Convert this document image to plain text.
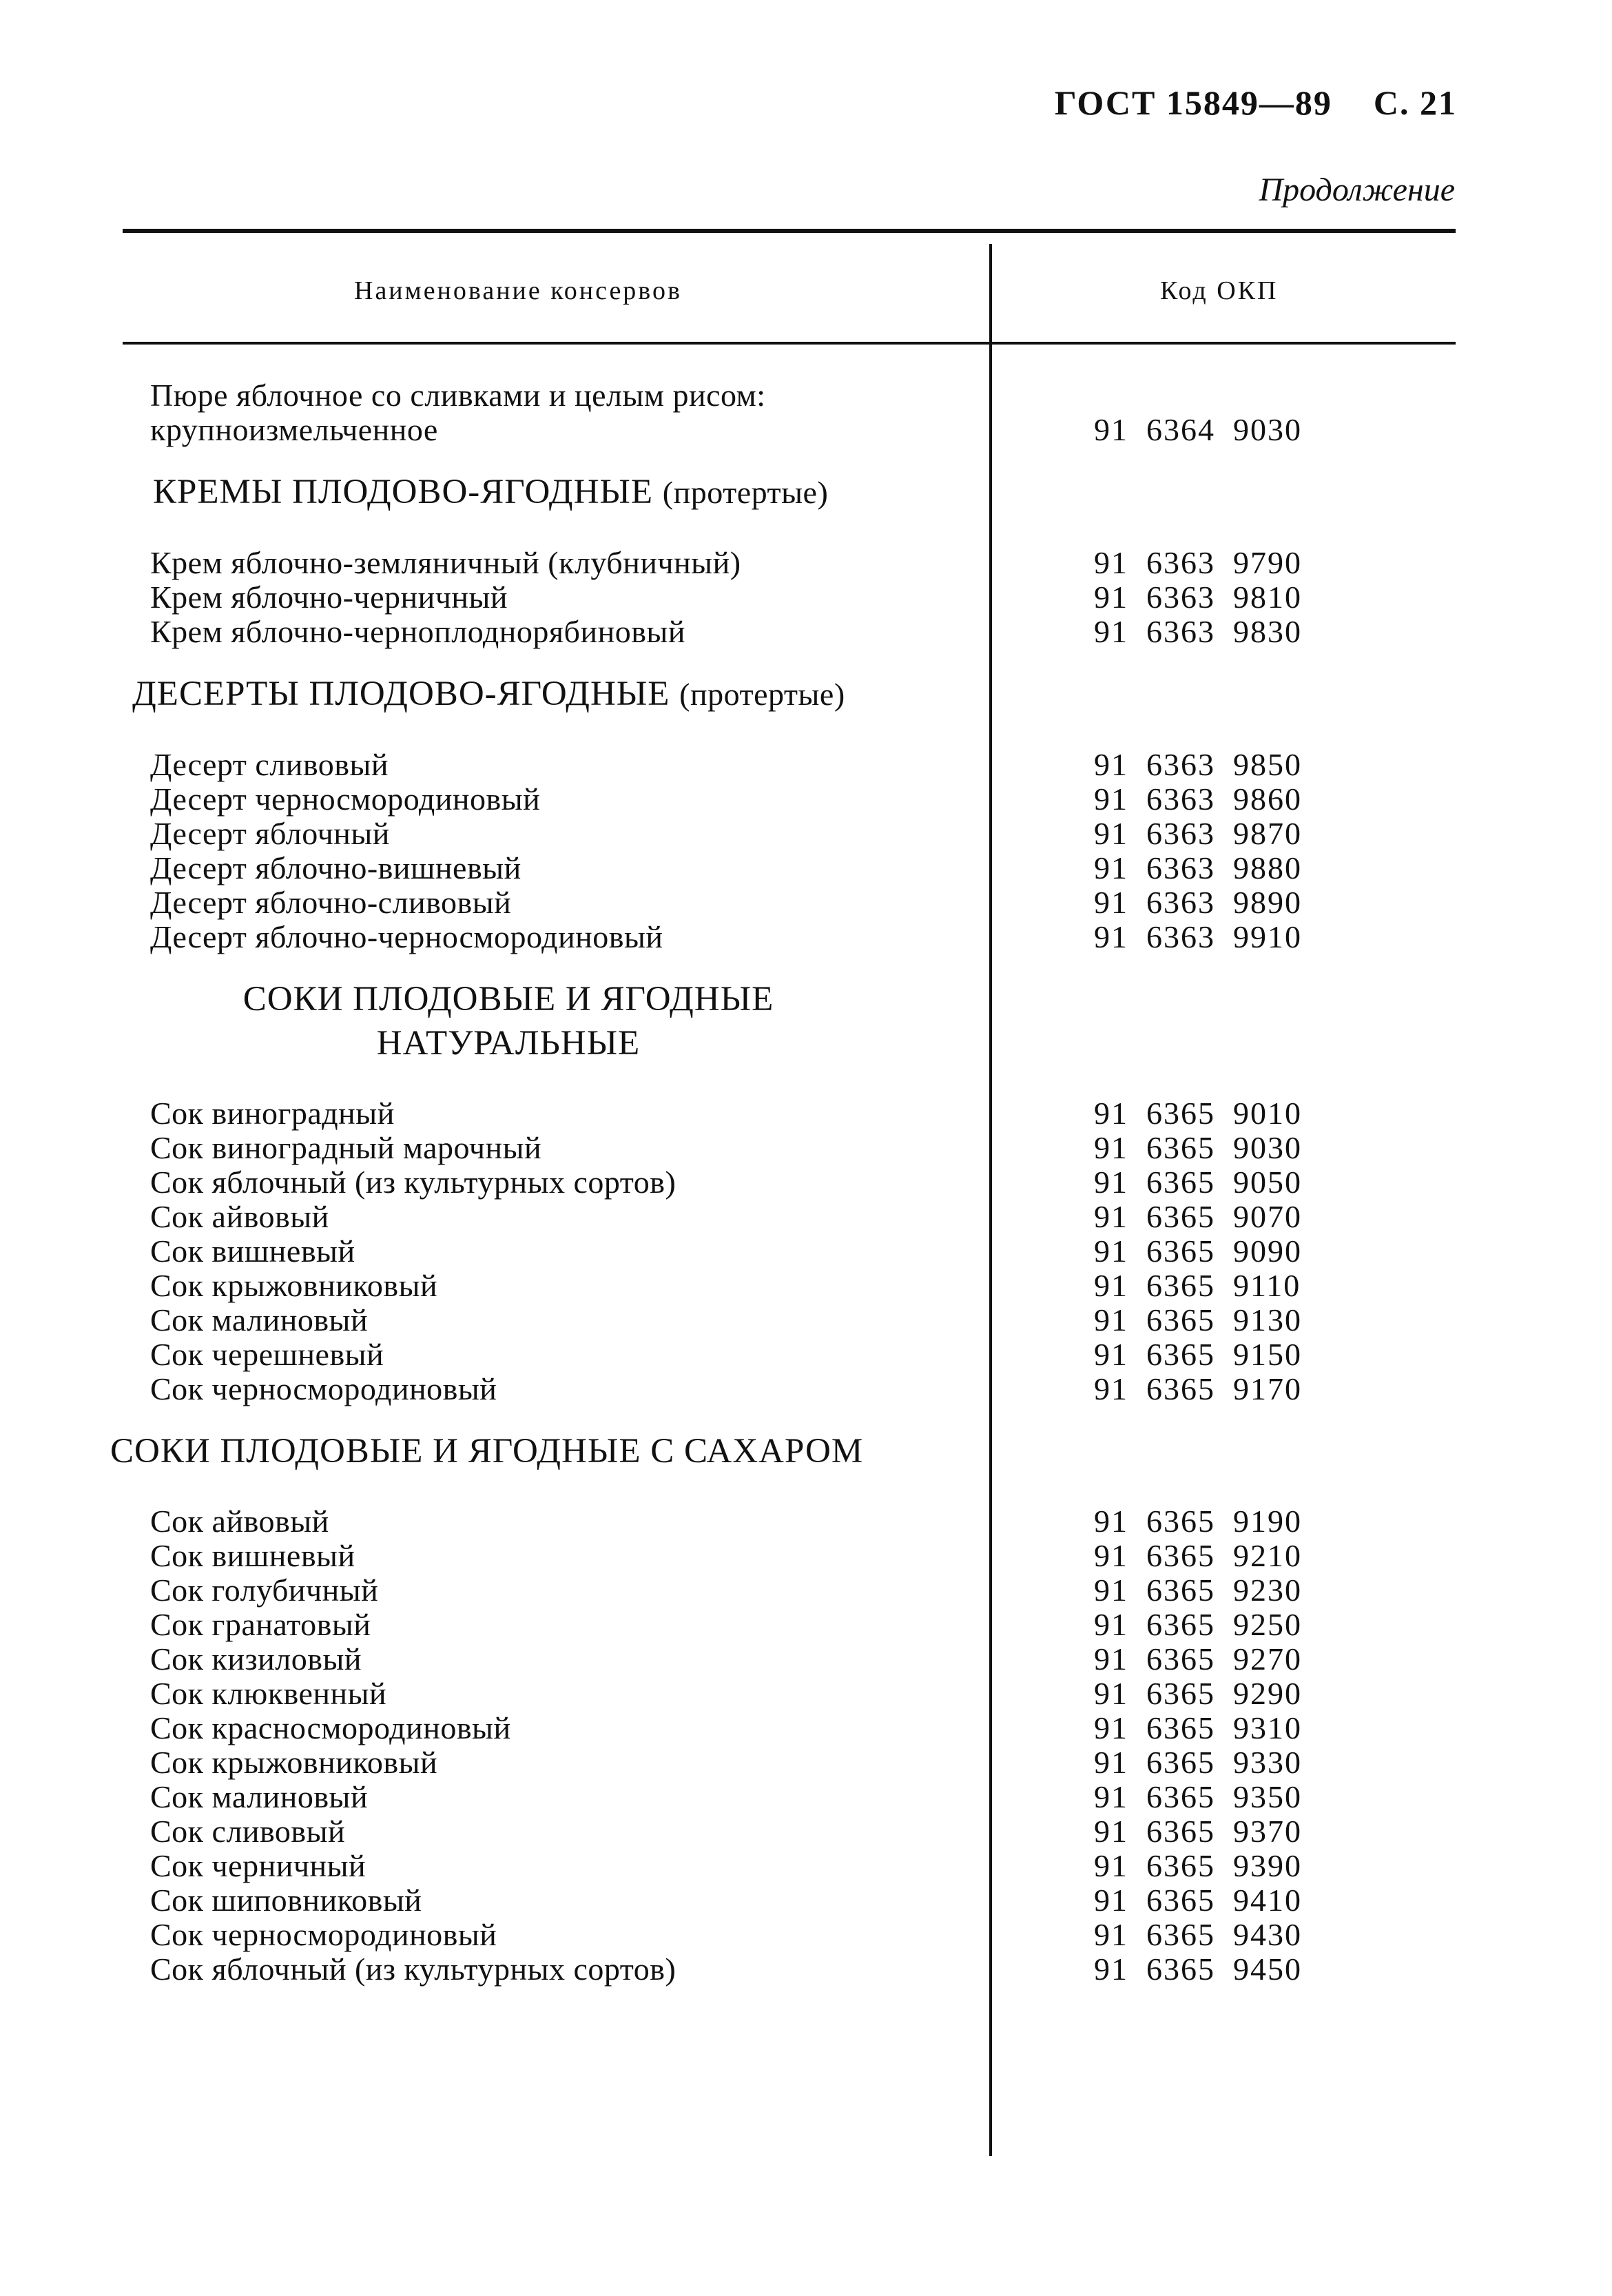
ГОСТ 15849—89 С. 21
Продолжение
Наименование консервов	Код ОКП
Пюре яблочное со сливками и целым рисом:
крупноизмельченное	91 6364 9030
КРЕМЫ ПЛОДОВО-ЯГОДНЫЕ (протертые)
Крем яблочно-земляничный (клубничный)	91 6363 9790
Крем яблочно-черничный	91 6363 9810
Крем яблочно-черноплоднорябиновый	91 6363 9830
ДЕСЕРТЫ ПЛОДОВО-ЯГОДНЫЕ (протертые)
Десерт сливовый	91 6363 9850
Десерт черносмородиновый	91 6363 9860
Десерт яблочный	91 6363 9870
Десерт яблочно-вишневый	91 6363 9880
Десерт яблочно-сливовый	91 6363 9890
Десерт яблочно-черносмородиновый	91 6363 9910
СОКИ ПЛОДОВЫЕ И ЯГОДНЫЕ
НАТУРАЛЬНЫЕ
Сок виноградный	91 6365 9010
Сок виноградный марочный	91 6365 9030
Сок яблочный (из культурных сортов)	91 6365 9050
Сок айвовый	91 6365 9070
Сок вишневый	91 6365 9090
Сок крыжовниковый	91 6365 9110
Сок малиновый	91 6365 9130
Сок черешневый	91 6365 9150
Сок черносмородиновый	91 6365 9170
СОКИ ПЛОДОВЫЕ И ЯГОДНЫЕ С САХАРОМ
Сок айвовый	91 6365 9190
Сок вишневый	91 6365 9210
Сок голубичный	91 6365 9230
Сок гранатовый	91 6365 9250
Сок кизиловый	91 6365 9270
Сок клюквенный	91 6365 9290
Сок красносмородиновый	91 6365 9310
Сок крыжовниковый	91 6365 9330
Сок малиновый	91 6365 9350
Сок сливовый	91 6365 9370
Сок черничный	91 6365 9390
Сок шиповниковый	91 6365 9410
Сок черносмородиновый	91 6365 9430
Сок яблочный (из культурных сортов)	91 6365 9450
